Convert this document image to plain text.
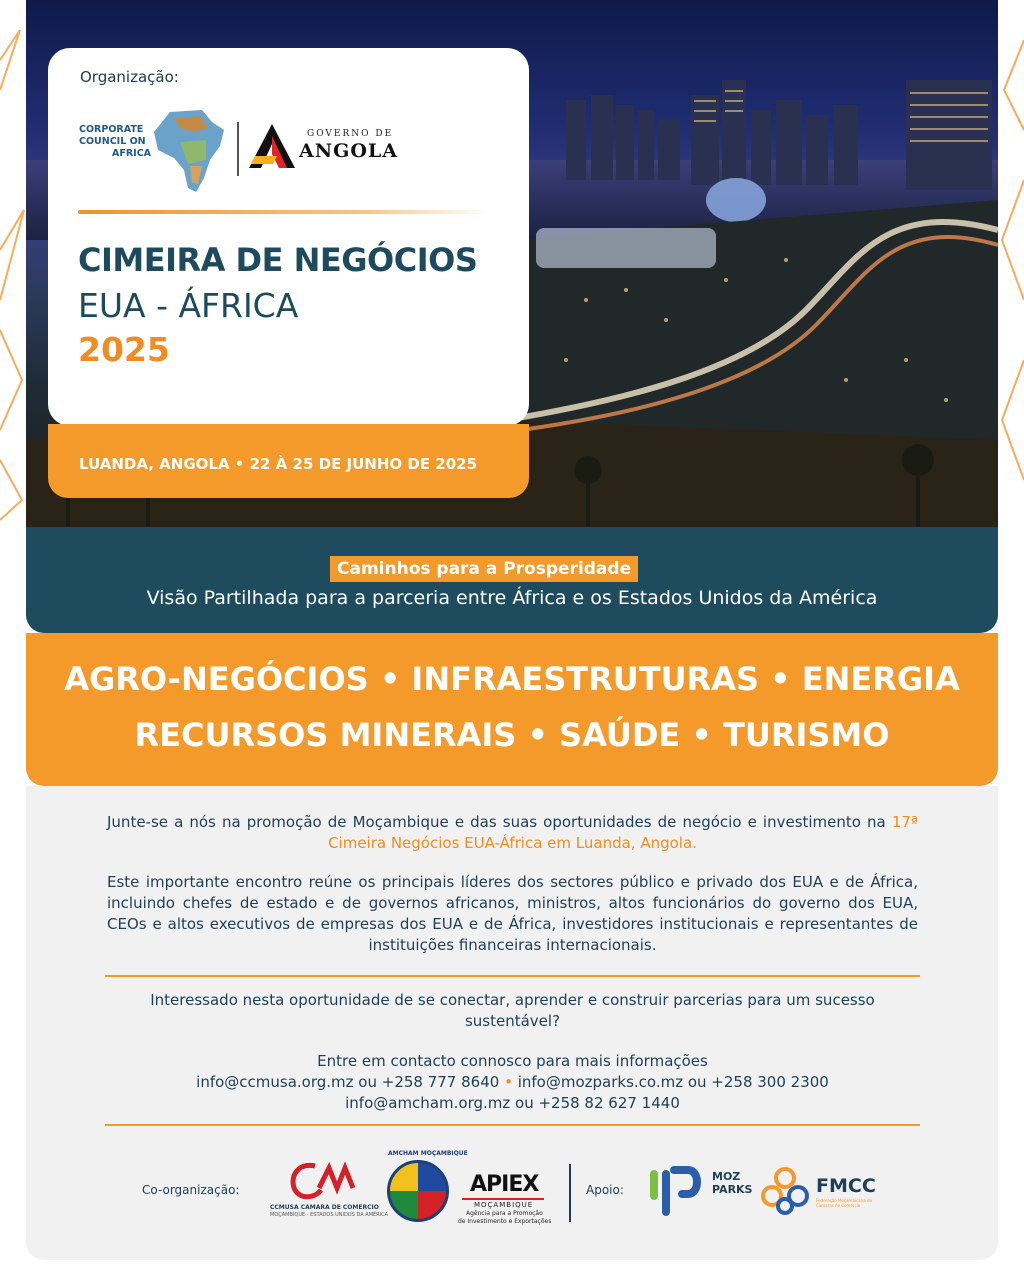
Organização:
CORPORATE
COUNCIL ON
AFRICA
GOVERNO DE
ANGOLA
CIMEIRA DE NEGÓCIOS
EUA - ÁFRICA
2025
LUANDA, ANGOLA • 22 À 25 DE JUNHO DE 2025
Caminhos para a Prosperidade
Visão Partilhada para a parceria entre África e os Estados Unidos da América
AGRO-NEGÓCIOS • INFRAESTRUTURAS • ENERGIA
RECURSOS MINERAIS • SAÚDE • TURISMO
Junte-se a nós na promoção de Moçambique e das suas oportunidades de negócio e investimento na 17ª Cimeira Negócios EUA-África em Luanda, Angola.
Este importante encontro reúne os principais líderes dos sectores público e privado dos EUA e de África, incluindo chefes de estado e de governos africanos, ministros, altos funcionários do governo dos EUA, CEOs e altos executivos de empresas dos EUA e de África, investidores institucionais e representantes de instituições financeiras internacionais.
Interessado nesta oportunidade de se conectar, aprender e construir parcerias para um sucesso sustentável?
Entre em contacto connosco para mais informações
info@ccmusa.org.mz ou +258 777 8640 • info@mozparks.co.mz ou +258 300 2300
info@amcham.org.mz ou +258 82 627 1440
Co-organização:
CCMUSA CAMARA DE COMERCIO
MOÇAMBIQUE - ESTADOS UNIDOS DA AMÉRICA
AMCHAM MOÇAMBIQUE
APIEX
MOÇAMBIQUE
Agência para a Promoção
de Investimento e Exportações
Apoio:
MOZ
PARKS	FMCC
Federação Moçambicana de Câmaras de Comércio
